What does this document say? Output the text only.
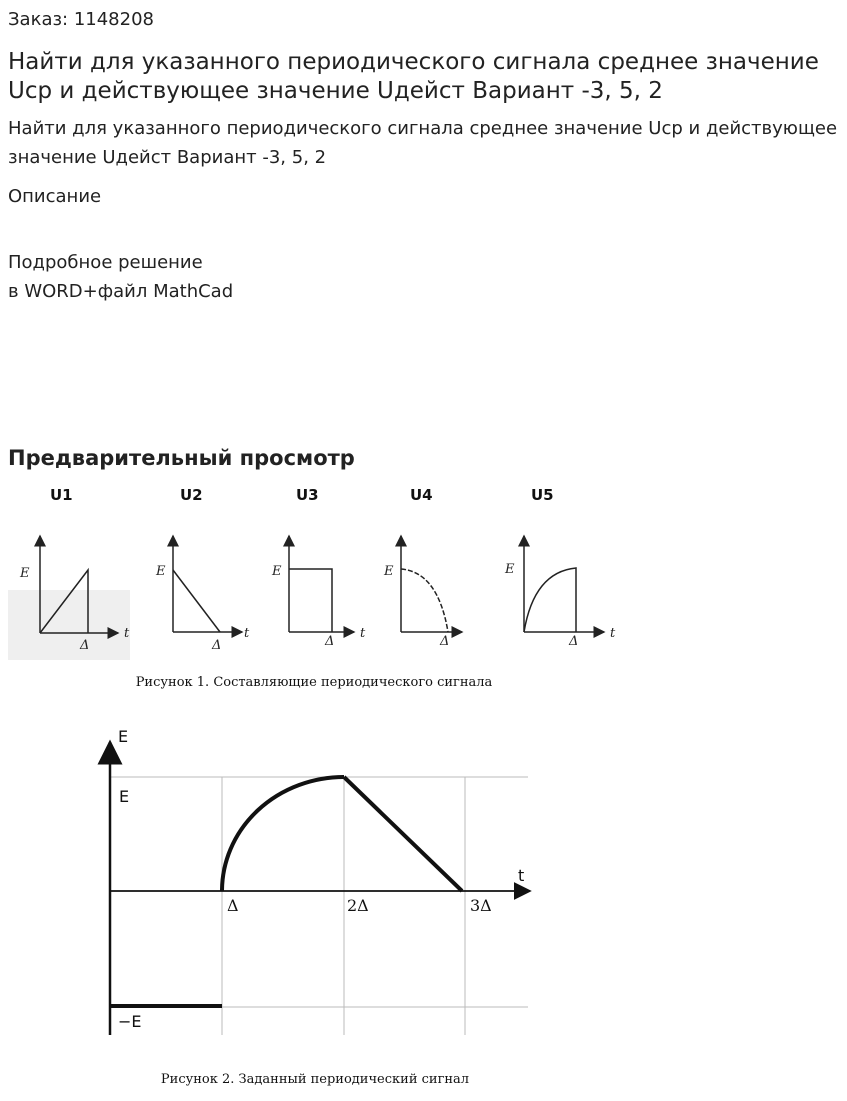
Заказ: 1148208
Найти для указанного периодического сигнала среднее значение Uср и действующее значение Uдейст Вариант -3, 5, 2

Найти для указанного периодического сигнала среднее значение Uср и действующее значение Uдейст Вариант -3, 5, 2

Описание
Подробное решение
в WORD+файл MathCad
Предварительный просмотр
U1
E
Δ
t
U2
E
Δ
t
U3
E
Δ
t
U4
E
Δ
U5
E
Δ
t
Рисунок 1. Составляющие периодического сигнала
E
E
t
Δ	2Δ	3Δ
−E
Рисунок 2. Заданный периодический сигнал
